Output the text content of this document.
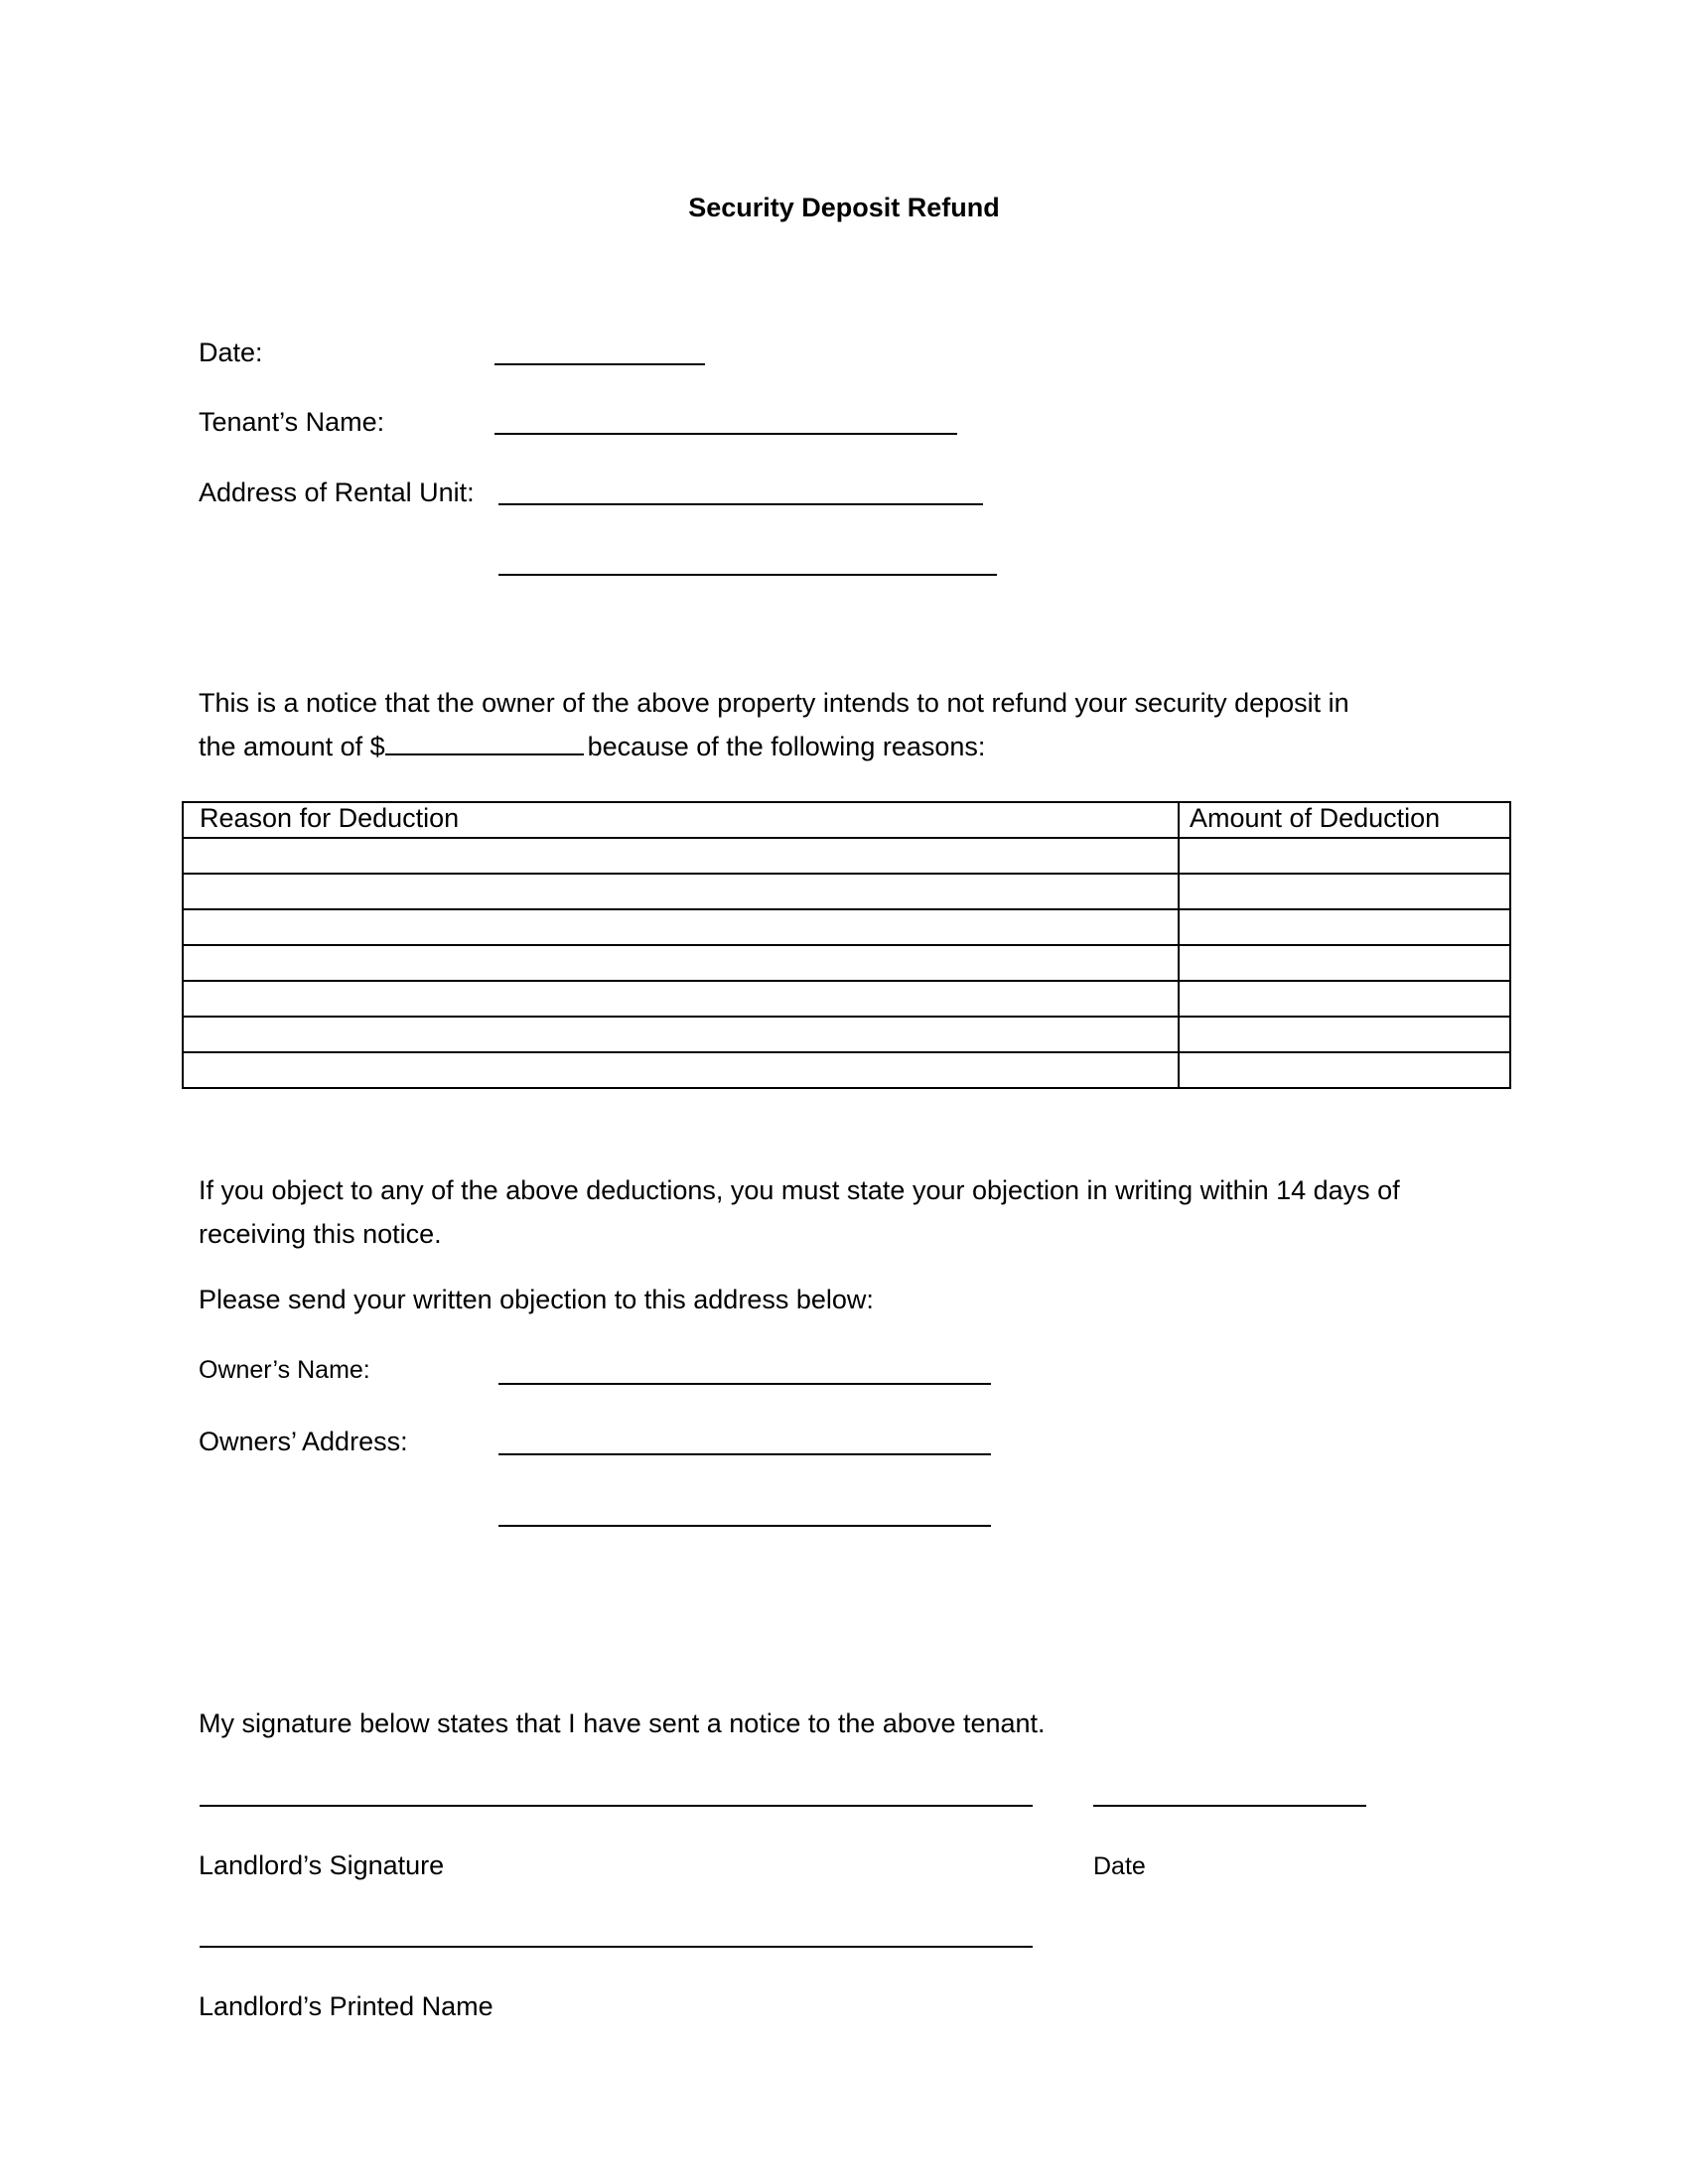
Security Deposit Refund
Date:
Tenant’s Name:
Address of Rental Unit:
This is a notice that the owner of the above property intends to not refund your security deposit in
the amount of $	because of the following reasons:
Reason for Deduction	Amount of Deduction

If you object to any of the above deductions, you must state your objection in writing within 14 days of
receiving this notice.
Please send your written objection to this address below:
Owner’s Name:
Owners’ Address:
My signature below states that I have sent a notice to the above tenant.
Landlord’s Signature	Date
Landlord’s Printed Name
